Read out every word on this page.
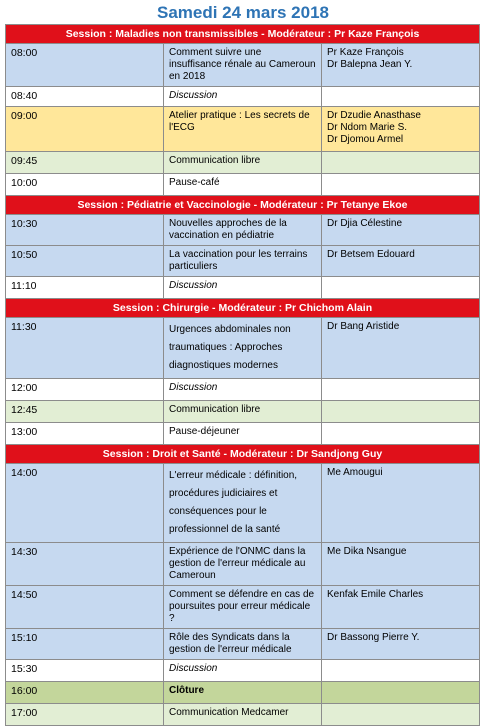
Samedi 24 mars 2018
Session : Maladies non transmissibles - Modérateur : Pr Kaze François		
08:00	Comment suivre une insuffisance rénale au Cameroun en 2018	Pr Kaze François
Dr Balepna Jean Y.
08:40	Discussion	
09:00	Atelier pratique : Les secrets de l'ECG	Dr Dzudie Anasthase
Dr Ndom Marie S.
Dr Djomou Armel
09:45	Communication libre	
10:00	Pause-café	
Session : Pédiatrie et Vaccinologie - Modérateur : Pr Tetanye Ekoe		
10:30	Nouvelles approches de la vaccination en pédiatrie	Dr Djia Célestine
10:50	La vaccination pour les terrains particuliers	Dr Betsem Edouard
11:10	Discussion	
Session : Chirurgie - Modérateur : Pr Chichom Alain		
11:30	Urgences abdominales non traumatiques : Approches diagnostiques modernes	Dr Bang Aristide
12:00	Discussion	
12:45	Communication libre	
13:00	Pause-déjeuner	
Session : Droit et Santé - Modérateur : Dr Sandjong Guy		
14:00	L'erreur médicale : définition, procédures judiciaires et conséquences pour le professionnel de la santé	Me Amougui
14:30	Expérience de l'ONMC dans la gestion de l'erreur médicale au Cameroun	Me Dika Nsangue
14:50	Comment se défendre en cas de poursuites pour erreur médicale ?	Kenfak Emile Charles
15:10	Rôle des Syndicats dans la gestion de l'erreur médicale	Dr Bassong Pierre Y.
15:30	Discussion	
16:00	Clôture	
17:00	Communication Medcamer	
